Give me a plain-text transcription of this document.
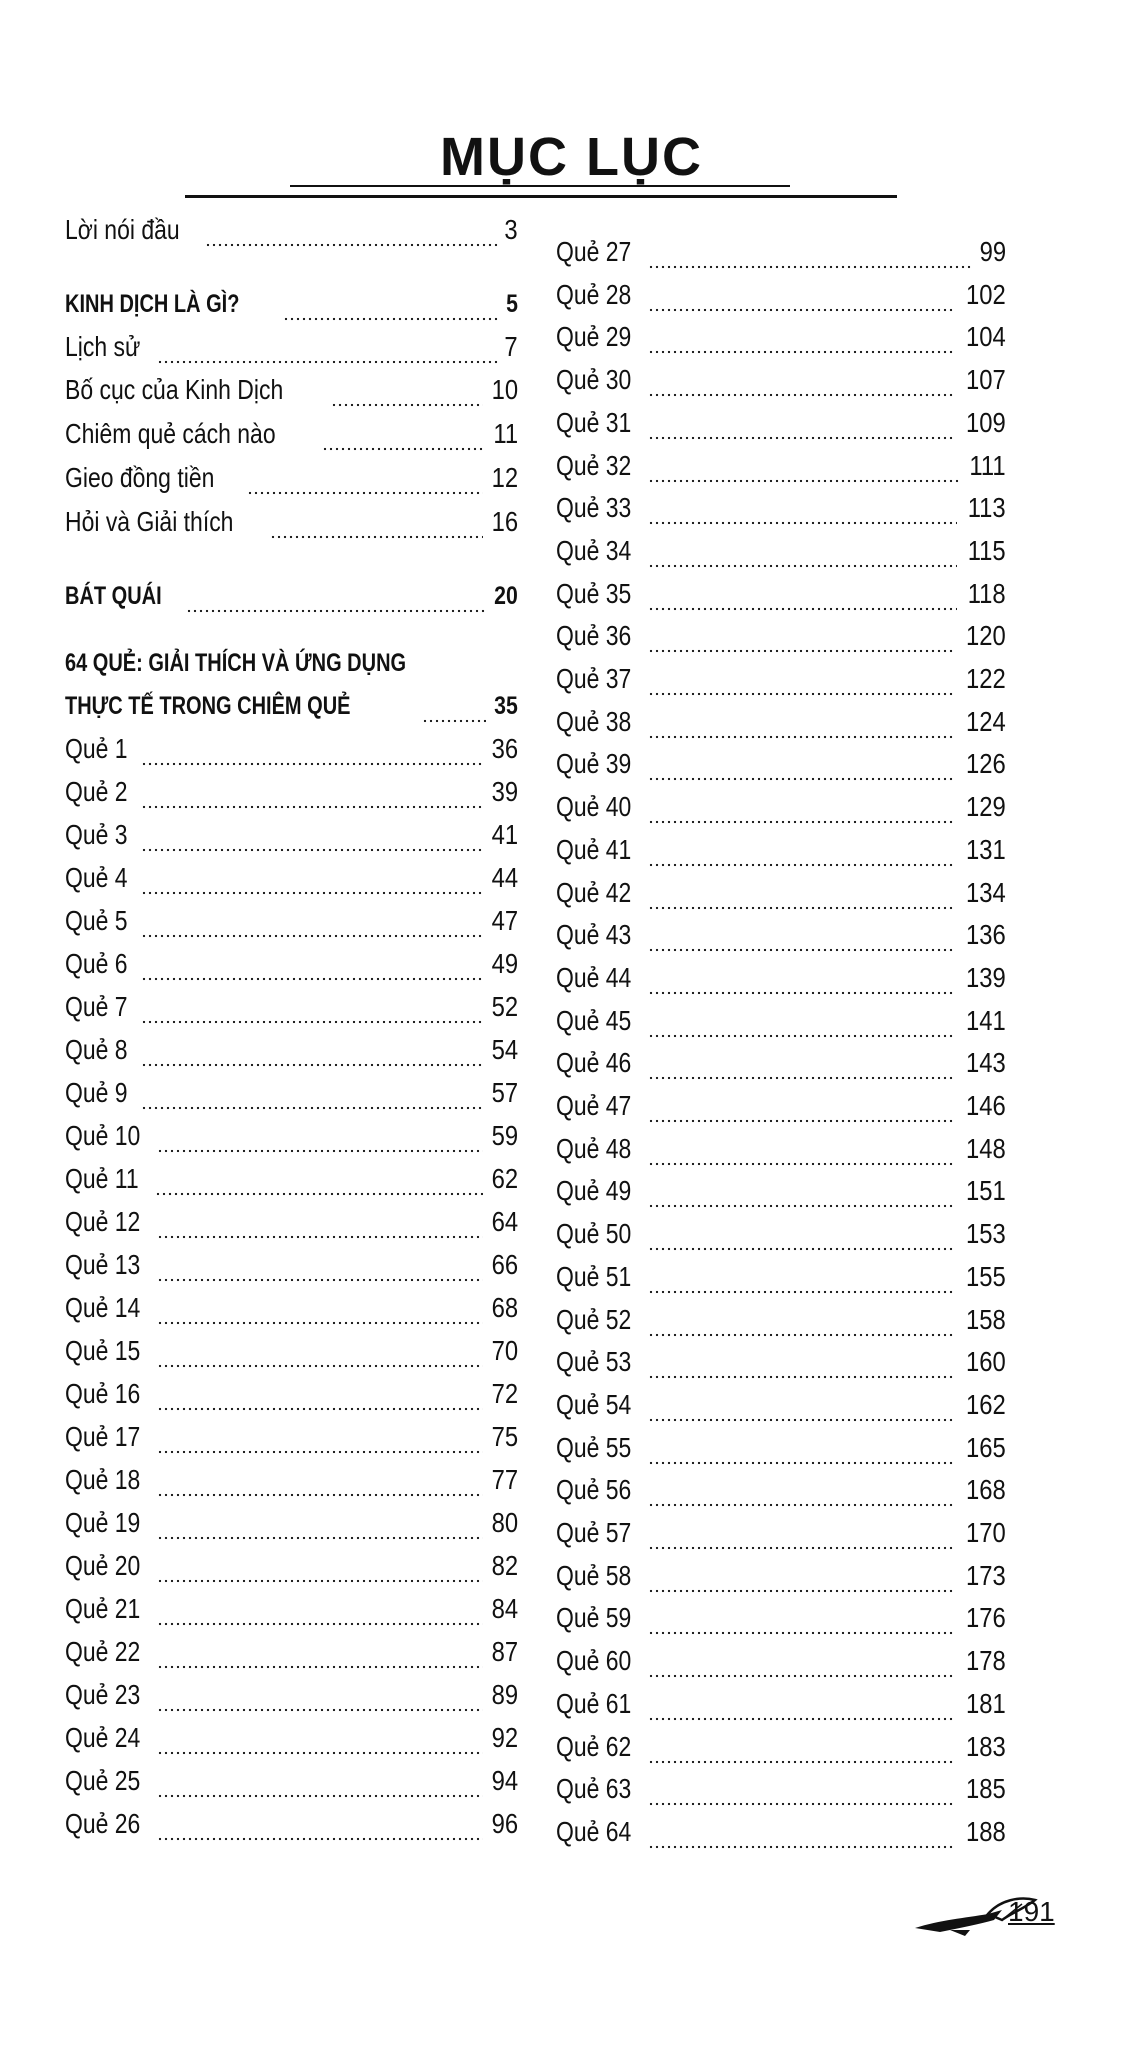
MỤC LỤC
Lời nói đầu	3
KINH DỊCH LÀ GÌ?	5
Lịch sử	7
Bố cục của Kinh Dịch	10
Chiêm quẻ cách nào	11
Gieo đồng tiền	12
Hỏi và Giải thích	16
BÁT QUÁI	20
64 QUẺ: GIẢI THÍCH VÀ ỨNG DỤNG
THỰC TẾ TRONG CHIÊM QUẺ	35
Quẻ 1	36
Quẻ 2	39
Quẻ 3	41
Quẻ 4	44
Quẻ 5	47
Quẻ 6	49
Quẻ 7	52
Quẻ 8	54
Quẻ 9	57
Quẻ 10	59
Quẻ 11	62
Quẻ 12	64
Quẻ 13	66
Quẻ 14	68
Quẻ 15	70
Quẻ 16	72
Quẻ 17	75
Quẻ 18	77
Quẻ 19	80
Quẻ 20	82
Quẻ 21	84
Quẻ 22	87
Quẻ 23	89
Quẻ 24	92
Quẻ 25	94
Quẻ 26	96
Quẻ 27	99
Quẻ 28	102
Quẻ 29	104
Quẻ 30	107
Quẻ 31	109
Quẻ 32	111
Quẻ 33	113
Quẻ 34	115
Quẻ 35	118
Quẻ 36	120
Quẻ 37	122
Quẻ 38	124
Quẻ 39	126
Quẻ 40	129
Quẻ 41	131
Quẻ 42	134
Quẻ 43	136
Quẻ 44	139
Quẻ 45	141
Quẻ 46	143
Quẻ 47	146
Quẻ 48	148
Quẻ 49	151
Quẻ 50	153
Quẻ 51	155
Quẻ 52	158
Quẻ 53	160
Quẻ 54	162
Quẻ 55	165
Quẻ 56	168
Quẻ 57	170
Quẻ 58	173
Quẻ 59	176
Quẻ 60	178
Quẻ 61	181
Quẻ 62	183
Quẻ 63	185
Quẻ 64	188
191
